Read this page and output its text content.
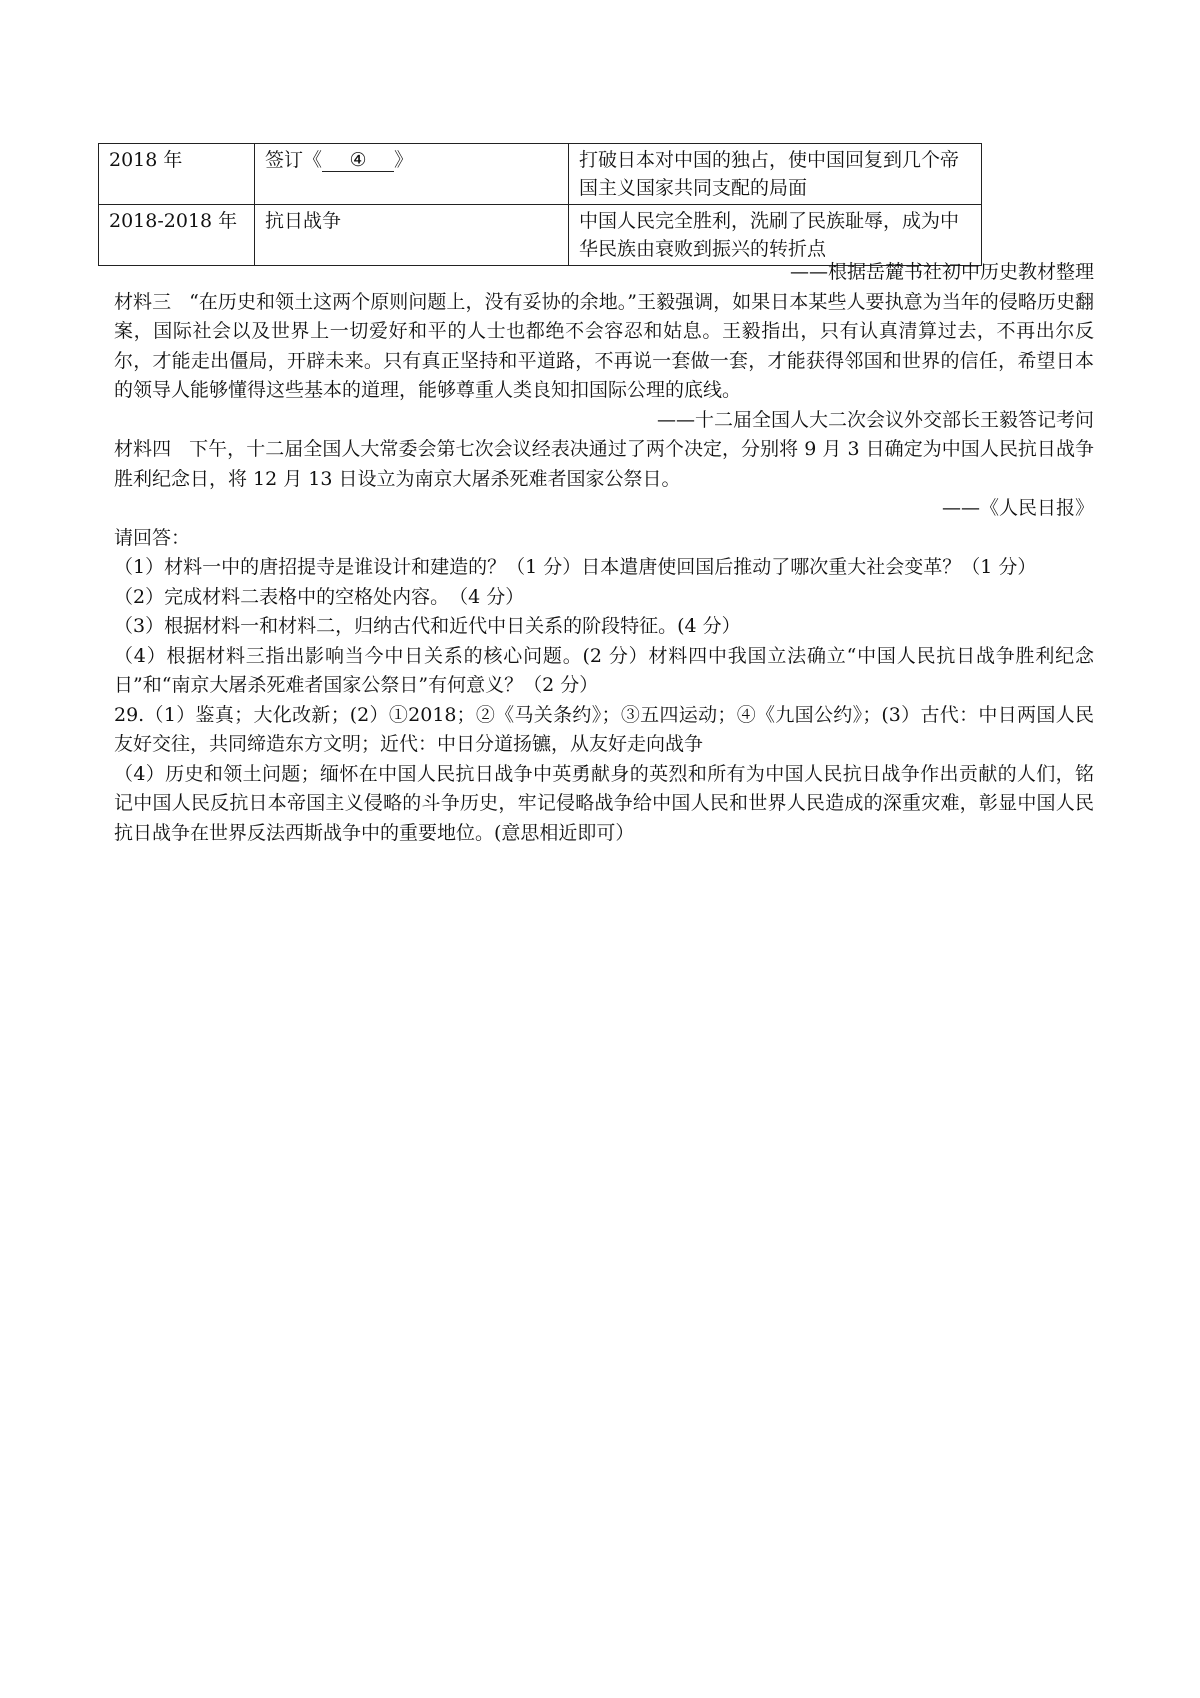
2018 年	签订《 ④ 》	打破日本对中国的独占，使中国回复到几个帝国主义国家共同支配的局面
2018-2018 年	抗日战争	中国人民完全胜利，洗刷了民族耻辱，成为中华民族由衰败到振兴的转折点

——根据岳麓书社初中历史教材整理

材料三 “在历史和领土这两个原则问题上，没有妥协的余地。”王毅强调，如果日本某些人要执意为当年的侵略历史翻案，国际社会以及世界上一切爱好和平的人士也都绝不会容忍和姑息。王毅指出，只有认真清算过去，不再出尔反尔，才能走出僵局，开辟未来。只有真正坚持和平道路，不再说一套做一套，才能获得邻国和世界的信任，希望日本的领导人能够懂得这些基本的道理，能够尊重人类良知扣国际公理的底线。

——十二届全国人大二次会议外交部长王毅答记考问

材料四 下午，十二届全国人大常委会第七次会议经表决通过了两个决定，分别将 9 月 3 日确定为中国人民抗日战争胜利纪念日，将 12 月 13 日设立为南京大屠杀死难者国家公祭日。

——《人民日报》

请回答：

（1）材料一中的唐招提寺是谁设计和建造的？（1 分）日本遣唐使回国后推动了哪次重大社会变革？（1 分）

（2）完成材料二表格中的空格处内容。　（4 分）

（3）根据材料一和材料二，归纳古代和近代中日关系的阶段特征。(4 分）

（4）根据材料三指出影响当今中日关系的核心问题。(2 分）材料四中我国立法确立“中国人民抗日战争胜利纪念日”和“南京大屠杀死难者国家公祭日”有何意义？（2 分）

29.（1）鉴真；大化改新；(2）①2018；②《马关条约》；③五四运动；④《九国公约》；(3）古代：中日两国人民友好交往，共同缔造东方文明；近代：中日分道扬镳，从友好走向战争

（4）历史和领土问题；缅怀在中国人民抗日战争中英勇献身的英烈和所有为中国人民抗日战争作出贡献的人们，铭记中国人民反抗日本帝国主义侵略的斗争历史，牢记侵略战争给中国人民和世界人民造成的深重灾难，彰显中国人民抗日战争在世界反法西斯战争中的重要地位。(意思相近即可）
